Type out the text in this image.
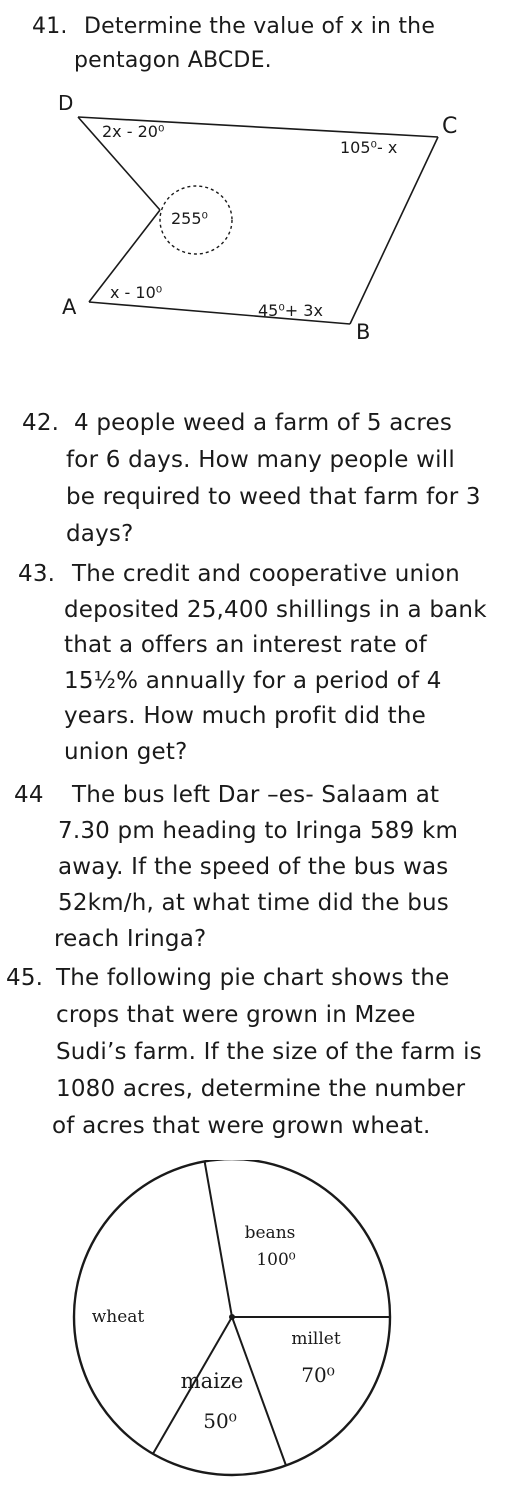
41. Determine the value of x in the
pentagon ABCDE.
D
C
A
B
2x - 20⁰
105⁰- x
255⁰
x - 10⁰
45⁰+ 3x
42. 4 people weed a farm of 5 acres
for 6 days. How many people will
be required to weed that farm for 3
days?
43. The credit and cooperative union
deposited 25,400 shillings in a bank
that a offers an interest rate of
15½% annually for a period of 4
years. How much profit did the
union get?
44 The bus left Dar –es- Salaam at
7.30 pm heading to Iringa 589 km
away. If the speed of the bus was
52km/h, at what time did the bus
reach Iringa?
45. The following pie chart shows the
crops that were grown in Mzee
Sudi’s farm. If the size of the farm is
1080 acres, determine the number
of acres that were grown wheat.
beans
100⁰
millet
70⁰
maize
50⁰
wheat
